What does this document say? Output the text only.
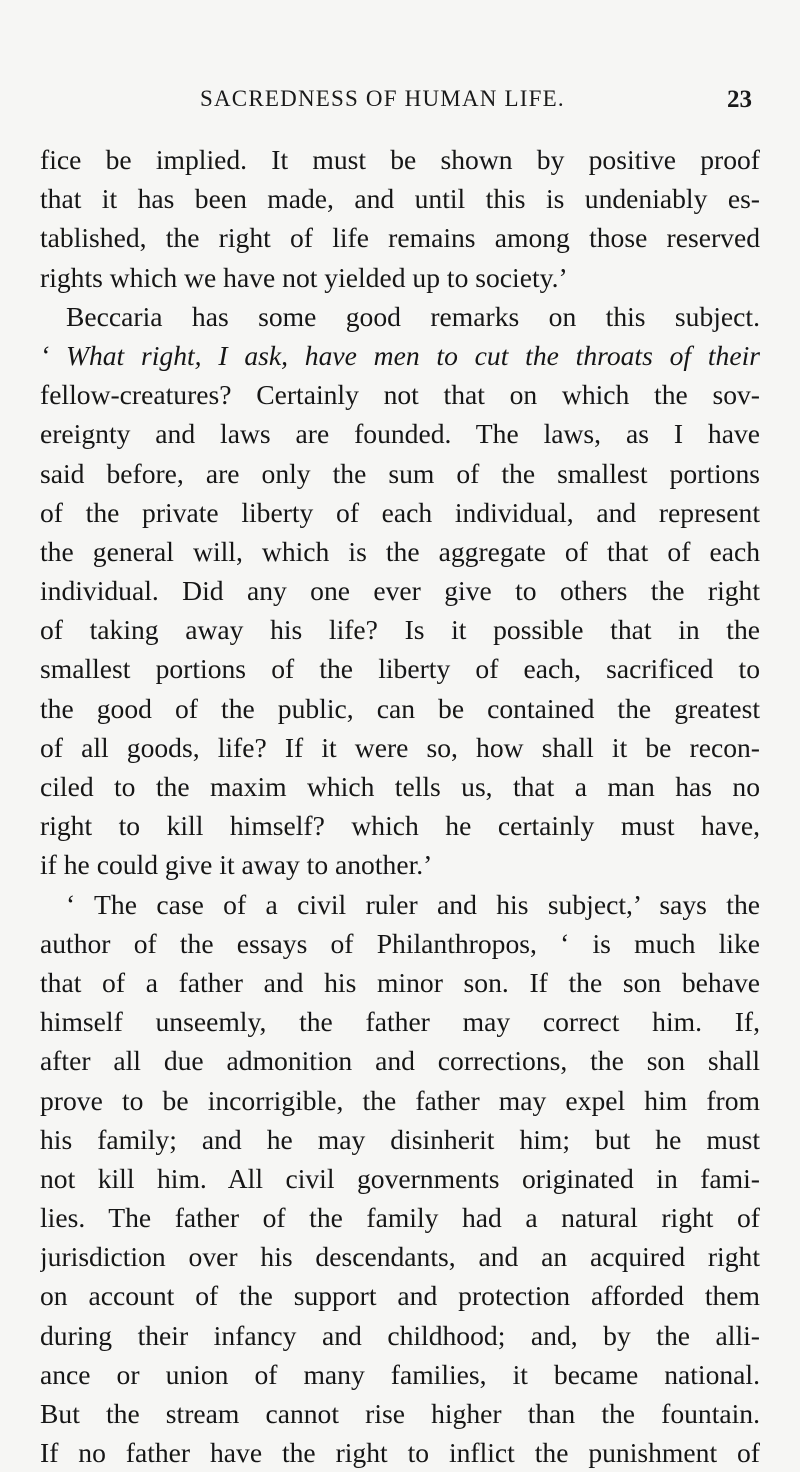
SACREDNESS OF HUMAN LIFE.	23
fice be implied. It must be shown by positive proof
that it has been made, and until this is undeniably es-
tablished, the right of life remains among those reserved
rights which we have not yielded up to society.’
Beccaria has some good remarks on this subject.
‘ What right, I ask, have men to cut the throats of their
fellow-creatures? Certainly not that on which the sov-
ereignty and laws are founded. The laws, as I have
said before, are only the sum of the smallest portions
of the private liberty of each individual, and represent
the general will, which is the aggregate of that of each
individual. Did any one ever give to others the right
of taking away his life? Is it possible that in the
smallest portions of the liberty of each, sacrificed to
the good of the public, can be contained the greatest
of all goods, life? If it were so, how shall it be recon-
ciled to the maxim which tells us, that a man has no
right to kill himself? which he certainly must have,
if he could give it away to another.’
‘ The case of a civil ruler and his subject,’ says the
author of the essays of Philanthropos, ‘ is much like
that of a father and his minor son. If the son behave
himself unseemly, the father may correct him. If,
after all due admonition and corrections, the son shall
prove to be incorrigible, the father may expel him from
his family; and he may disinherit him; but he must
not kill him. All civil governments originated in fami-
lies. The father of the family had a natural right of
jurisdiction over his descendants, and an acquired right
on account of the support and protection afforded them
during their infancy and childhood; and, by the alli-
ance or union of many families, it became national.
But the stream cannot rise higher than the fountain.
If no father have the right to inflict the punishment of
